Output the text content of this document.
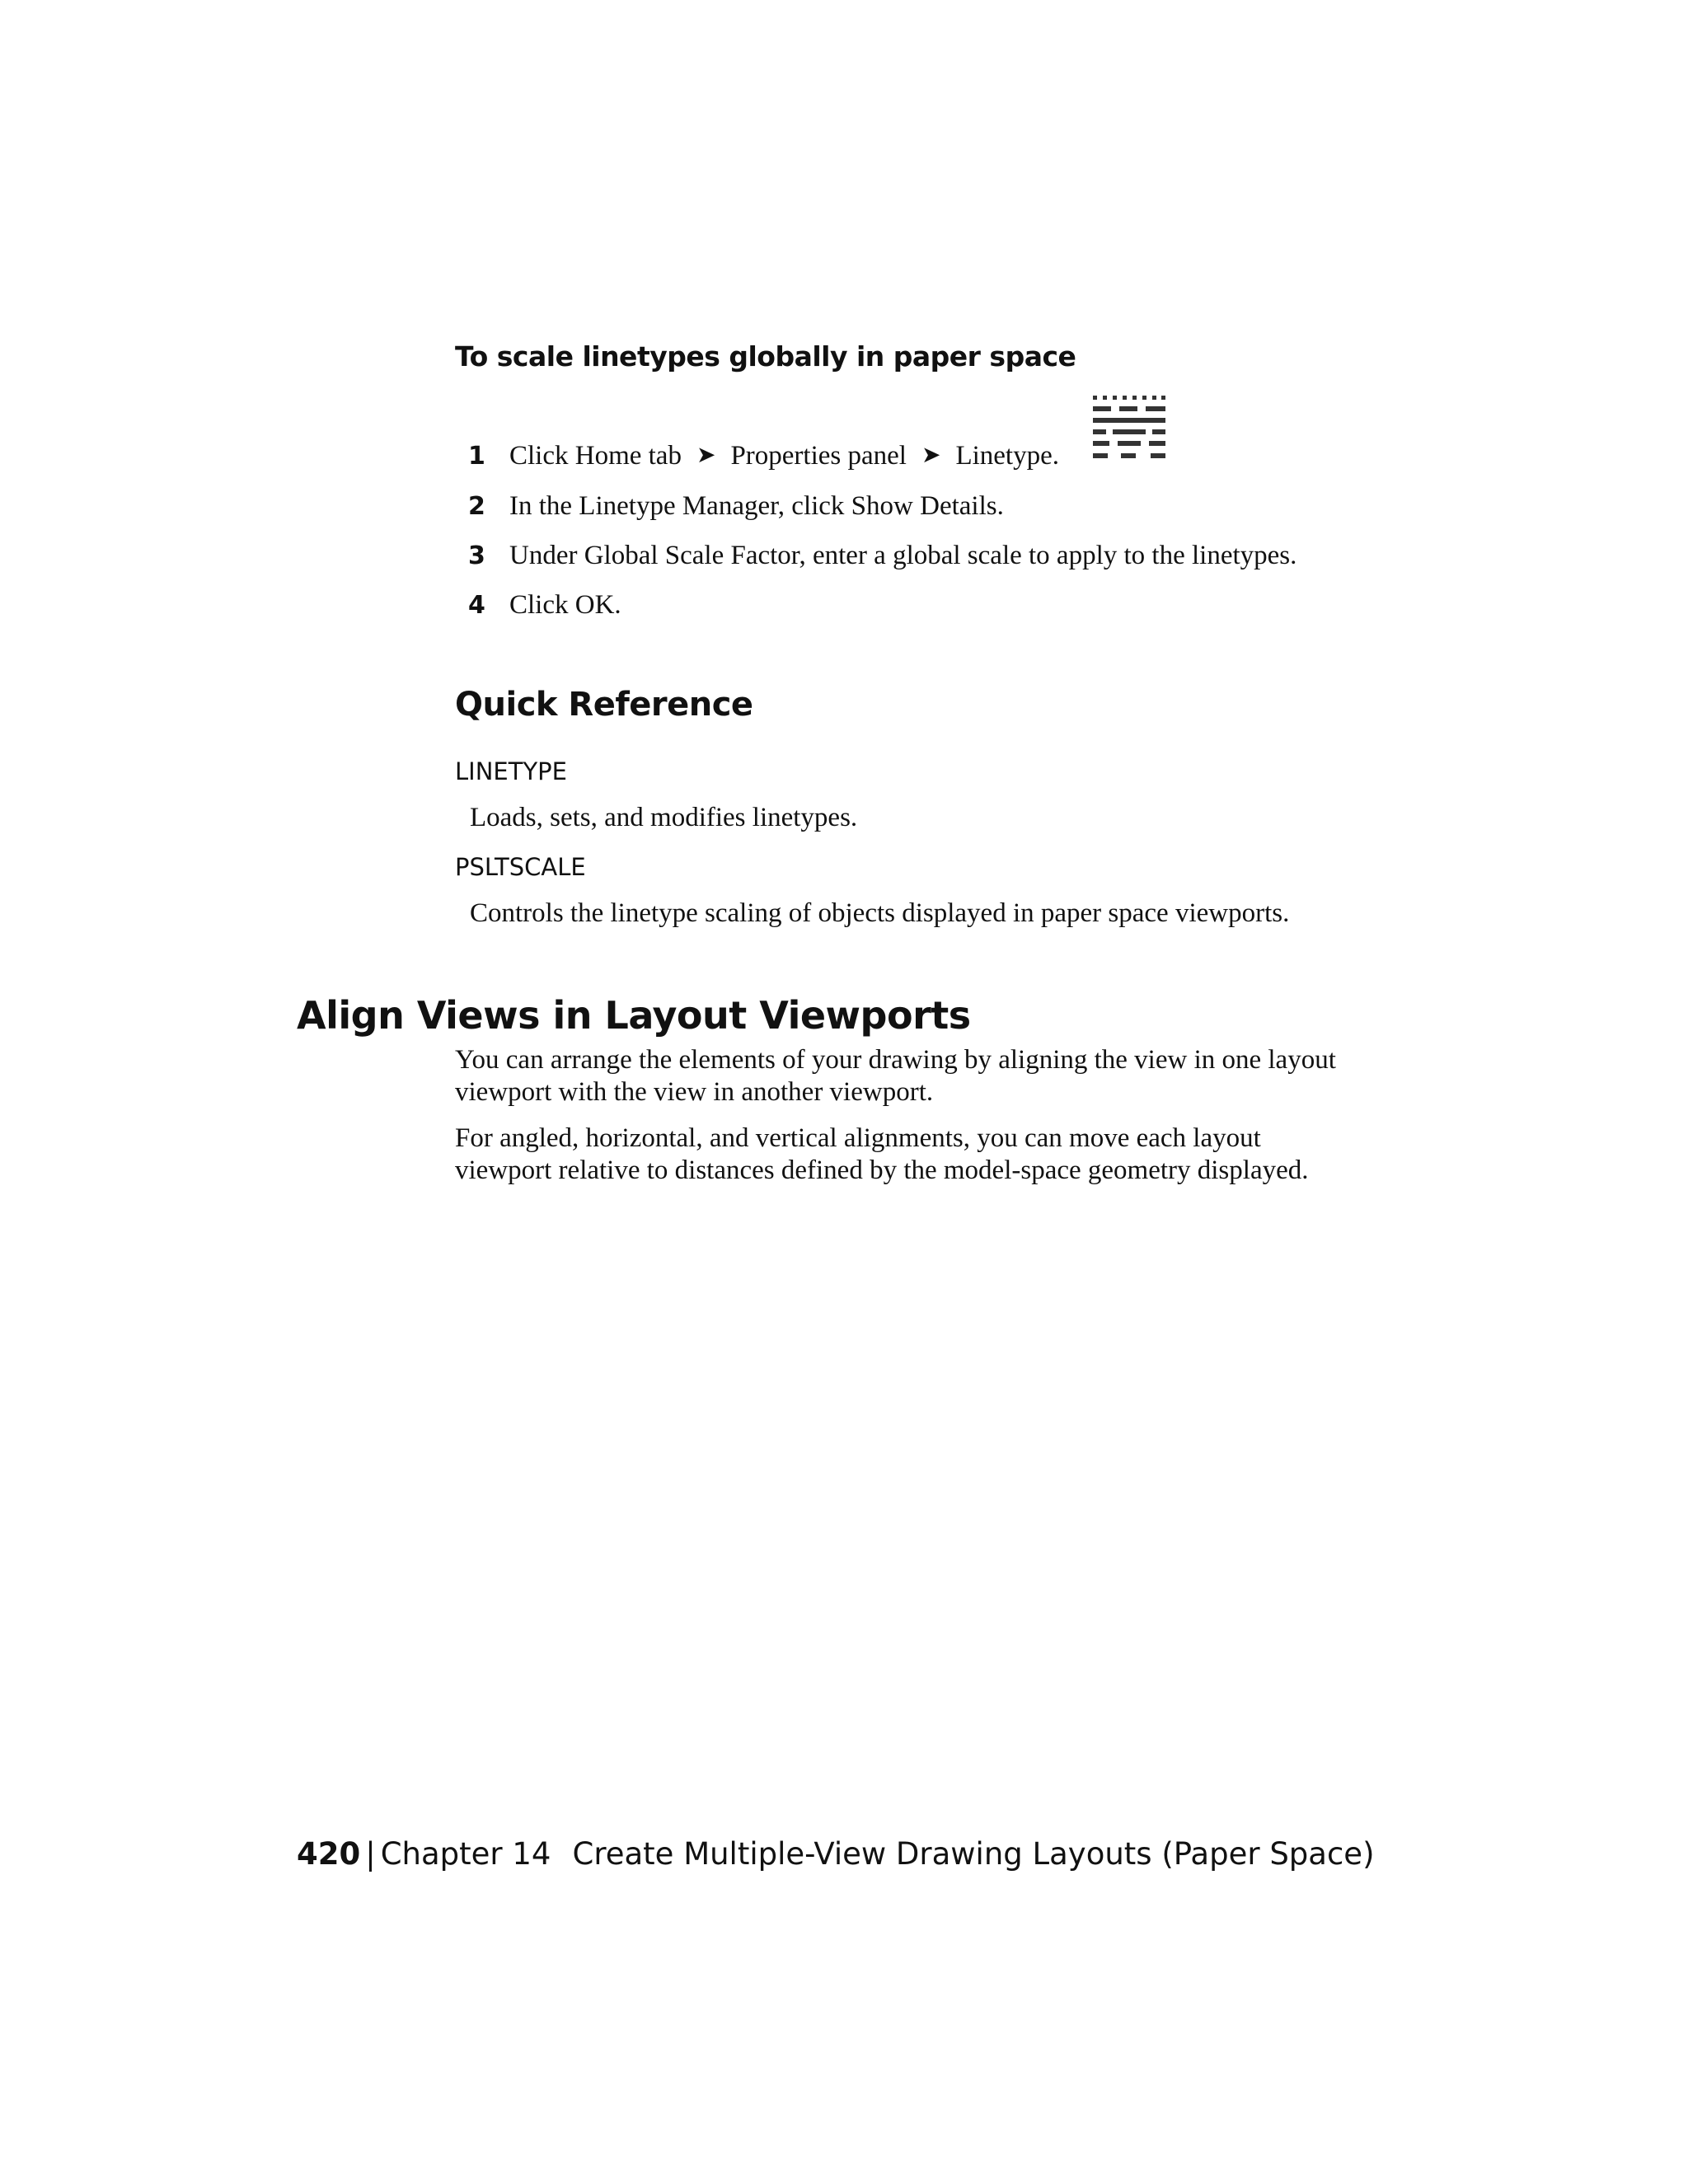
To scale linetypes globally in paper space
1 Click Home tab ➤ Properties panel ➤ Linetype.
2 In the Linetype Manager, click Show Details.
3 Under Global Scale Factor, enter a global scale to apply to the linetypes.
4 Click OK.
Quick Reference
LINETYPE
Loads, sets, and modifies linetypes.
PSLTSCALE
Controls the linetype scaling of objects displayed in paper space viewports.
Align Views in Layout Viewports
You can arrange the elements of your drawing by aligning the view in one layout viewport with the view in another viewport.
For angled, horizontal, and vertical alignments, you can move each layout viewport relative to distances defined by the model-space geometry displayed.
420 | Chapter 14 Create Multiple-View Drawing Layouts (Paper Space)
